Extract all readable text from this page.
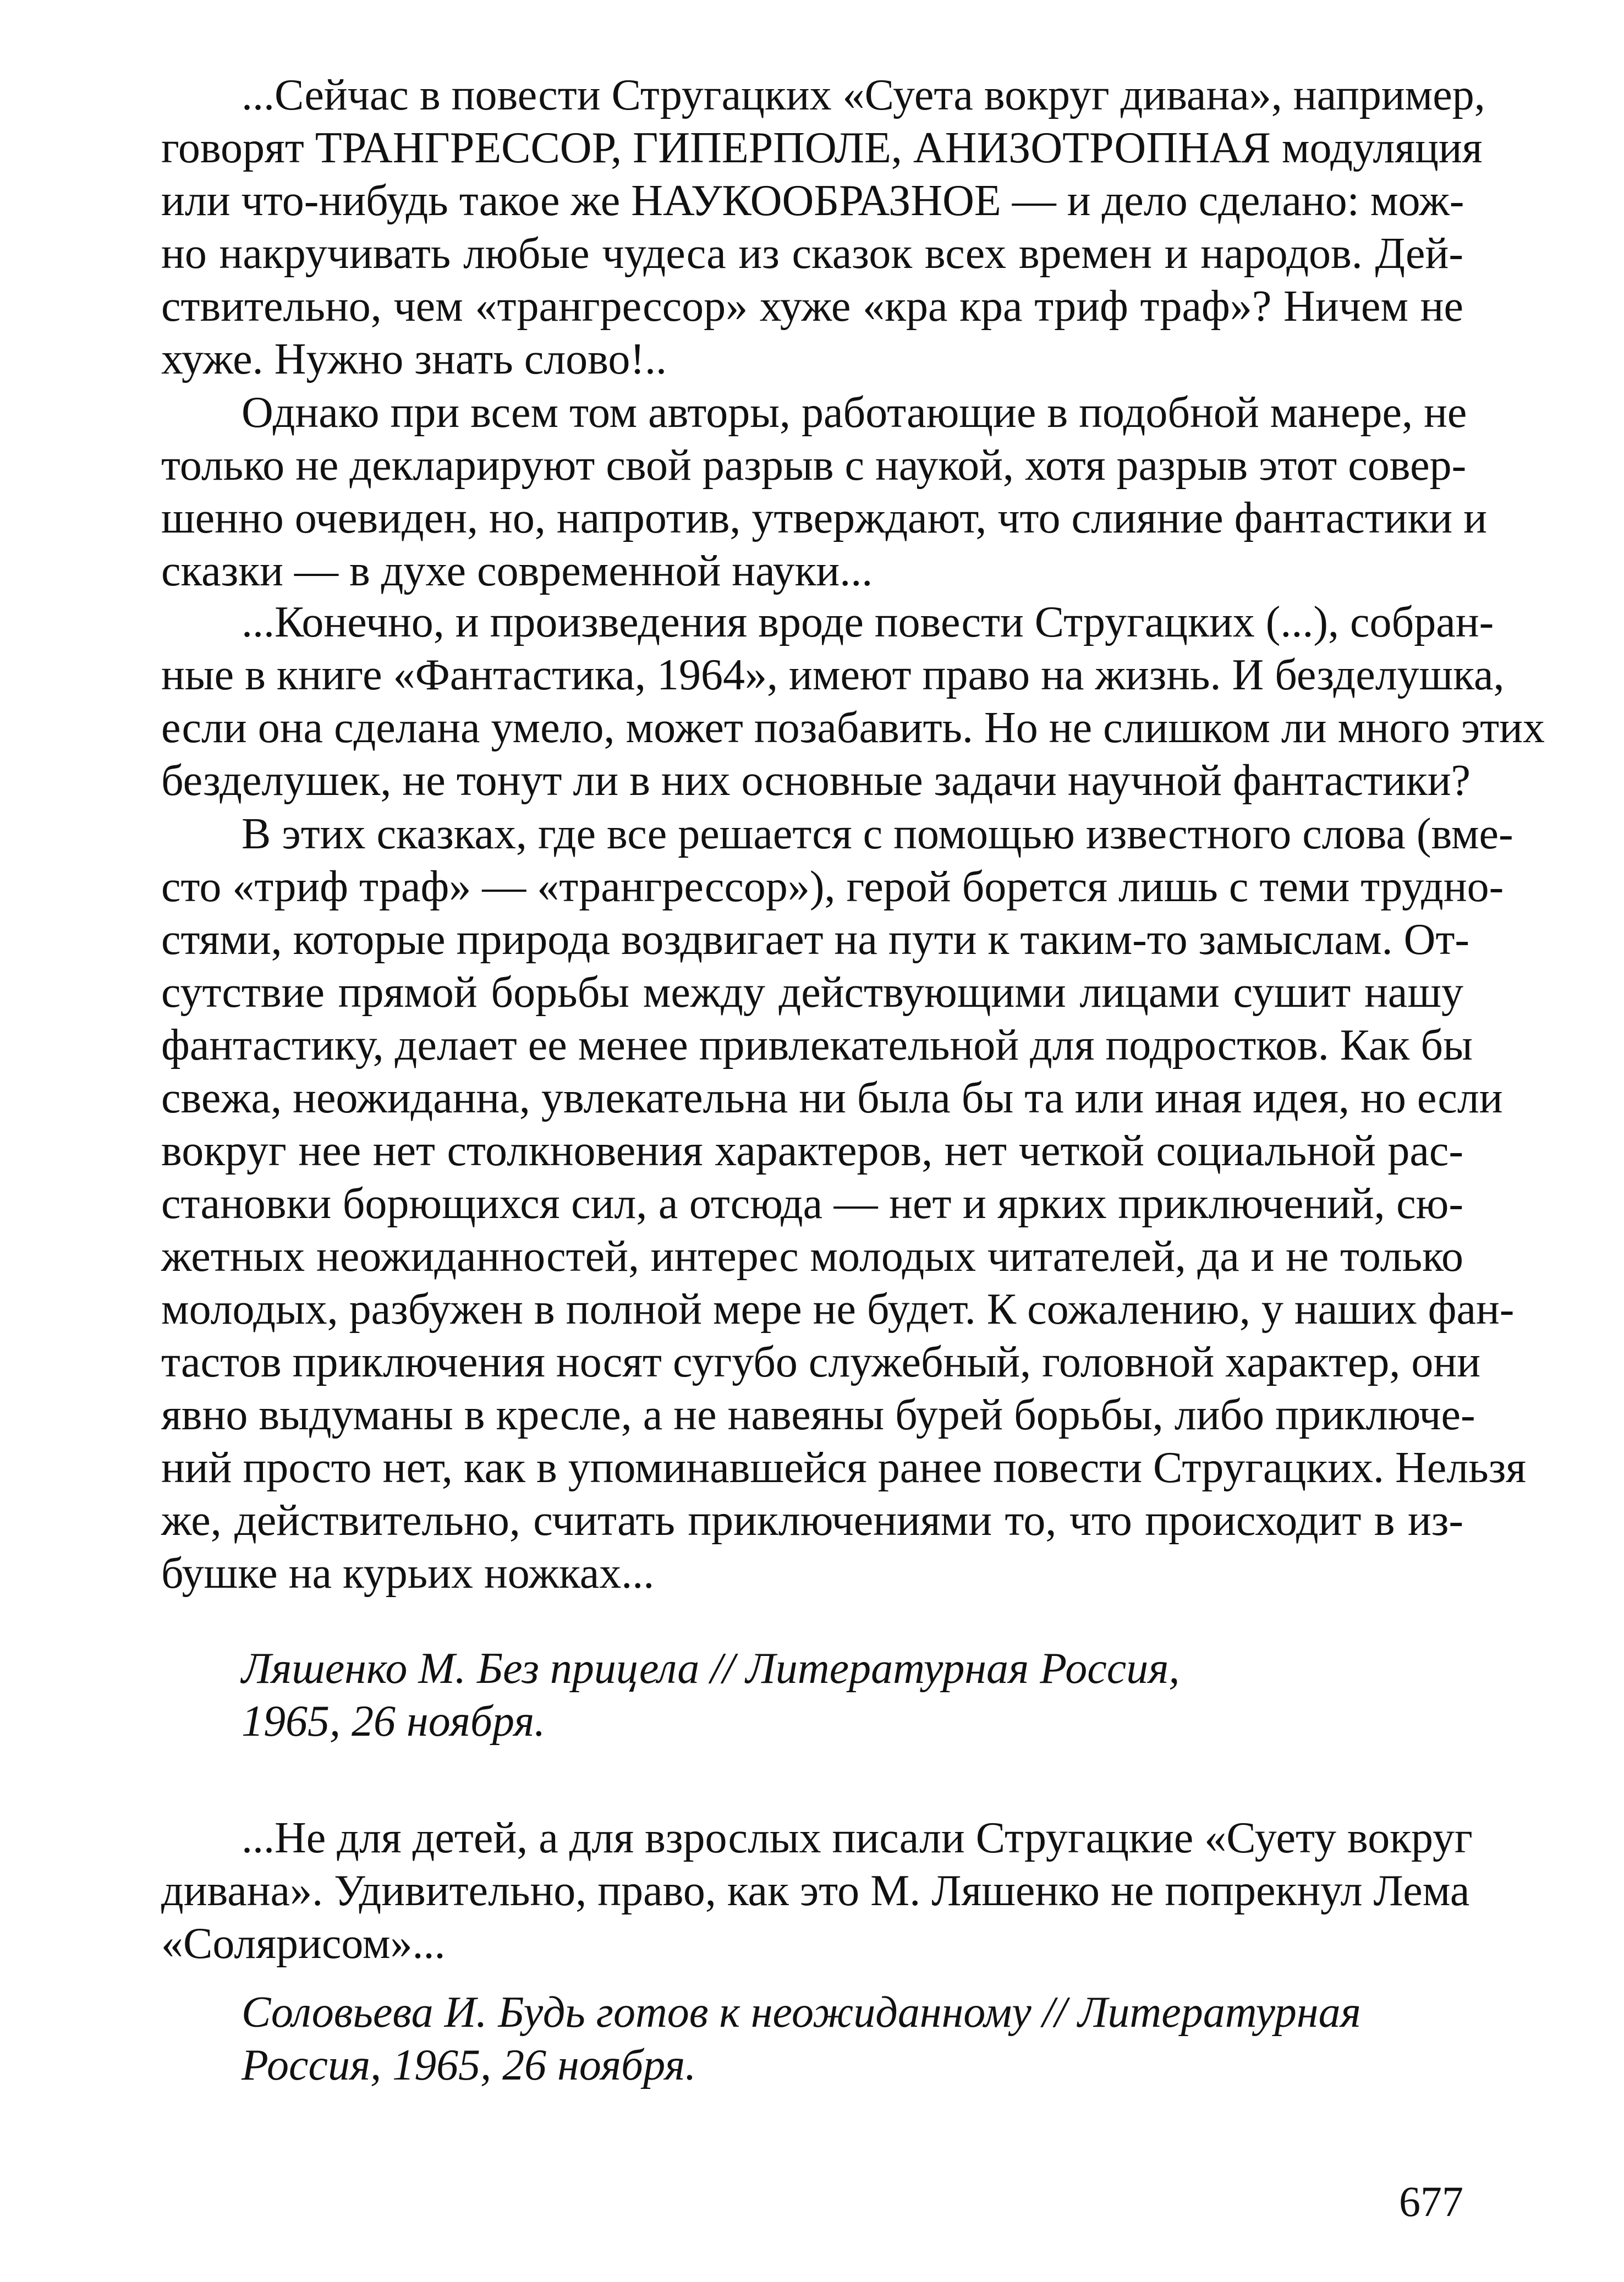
...Сейчас в повести Стругацких «Суета вокруг дивана», например,
говорят ТРАНГРЕССОР, ГИПЕРПОЛЕ, АНИЗОТРОПНАЯ модуляция
или что-нибудь такое же НАУКООБРАЗНОЕ — и дело сделано: мож-
но накручивать любые чудеса из сказок всех времен и народов. Дей-
ствительно, чем «трангрессор» хуже «кра кра триф траф»? Ничем не
хуже. Нужно знать слово!..
Однако при всем том авторы, работающие в подобной манере, не
только не декларируют свой разрыв с наукой, хотя разрыв этот совер-
шенно очевиден, но, напротив, утверждают, что слияние фантастики и
сказки — в духе современной науки...
...Конечно, и произведения вроде повести Стругацких (...), собран-
ные в книге «Фантастика, 1964», имеют право на жизнь. И безделушка,
если она сделана умело, может позабавить. Но не слишком ли много этих
безделушек, не тонут ли в них основные задачи научной фантастики?
В этих сказках, где все решается с помощью известного слова (вме-
сто «триф траф» — «трангрессор»), герой борется лишь с теми трудно-
стями, которые природа воздвигает на пути к таким-то замыслам. От-
сутствие прямой борьбы между действующими лицами сушит нашу
фантастику, делает ее менее привлекательной для подростков. Как бы
свежа, неожиданна, увлекательна ни была бы та или иная идея, но если
вокруг нее нет столкновения характеров, нет четкой социальной рас-
становки борющихся сил, а отсюда — нет и ярких приключений, сю-
жетных неожиданностей, интерес молодых читателей, да и не только
молодых, разбужен в полной мере не будет. К сожалению, у наших фан-
тастов приключения носят сугубо служебный, головной характер, они
явно выдуманы в кресле, а не навеяны бурей борьбы, либо приключе-
ний просто нет, как в упоминавшейся ранее повести Стругацких. Нельзя
же, действительно, считать приключениями то, что происходит в из-
бушке на курьих ножках...
Ляшенко М. Без прицела // Литературная Россия,
1965, 26 ноября.
...Не для детей, а для взрослых писали Стругацкие «Суету вокруг
дивана». Удивительно, право, как это М. Ляшенко не попрекнул Лема
«Солярисом»...
Соловьева И. Будь готов к неожиданному // Литературная
Россия, 1965, 26 ноября.
677
